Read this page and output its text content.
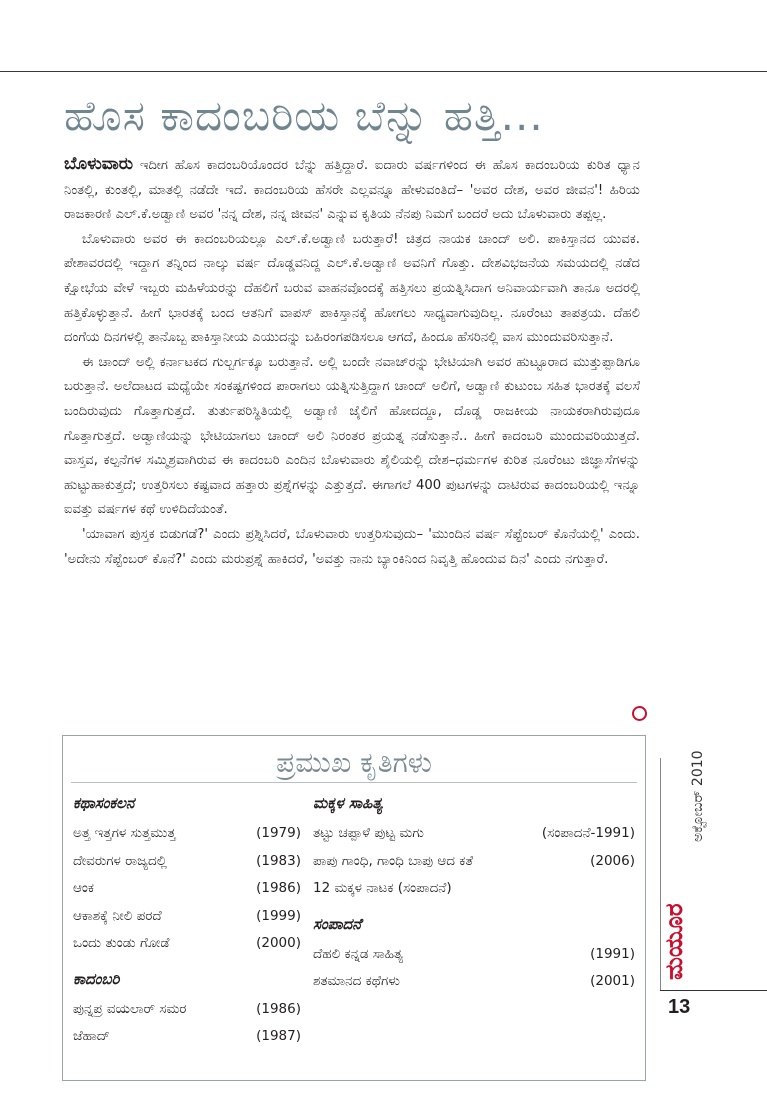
ಹೊಸ ಕಾದಂಬರಿಯ ಬೆನ್ನು ಹತ್ತಿ...

ಬೊಳುವಾರು ಇದೀಗ ಹೊಸ ಕಾದಂಬರಿಯೊಂದರ ಬೆನ್ನು ಹತ್ತಿದ್ದಾರೆ. ಐದಾರು ವರ್ಷಗಳಿಂದ ಈ ಹೊಸ ಕಾದಂಬರಿಯ ಕುರಿತ ಧ್ಯಾನ ನಿಂತಲ್ಲಿ, ಕುಂತಲ್ಲಿ, ಮಾತಲ್ಲಿ ನಡೆದೇ ಇದೆ. ಕಾದಂಬರಿಯ ಹೆಸರೇ ಎಲ್ಲವನ್ನೂ ಹೇಳುವಂತಿದೆ– 'ಅವರ ದೇಶ, ಅವರ ಜೀವನ'! ಹಿರಿಯ ರಾಜಕಾರಣಿ ಎಲ್.ಕೆ.ಅಡ್ವಾಣಿ ಅವರ 'ನನ್ನ ದೇಶ, ನನ್ನ ಜೀವನ' ಎನ್ನುವ ಕೃತಿಯ ನೆನಪು ನಿಮಗೆ ಬಂದರೆ ಅದು ಬೊಳುವಾರು ತಪ್ಪಲ್ಲ.

ಬೊಳುವಾರು ಅವರ ಈ ಕಾದಂಬರಿಯಲ್ಲೂ ಎಲ್.ಕೆ.ಅಡ್ವಾಣಿ ಬರುತ್ತಾರೆ! ಚಿತ್ರದ ನಾಯಕ ಚಾಂದ್ ಅಲಿ. ಪಾಕಿಸ್ತಾನದ ಯುವಕ. ಪೇಶಾವರದಲ್ಲಿ ಇದ್ದಾಗ ತನ್ನಿಂದ ನಾಲ್ಕು ವರ್ಷ ದೊಡ್ಡವನಿದ್ದ ಎಲ್.ಕೆ.ಅಡ್ವಾಣಿ ಅವನಿಗೆ ಗೊತ್ತು. ದೇಶವಿಭಜನೆಯ ಸಮಯದಲ್ಲಿ ನಡೆದ ಕ್ಷೋಭೆಯ ವೇಳೆ ಇಬ್ಬರು ಮಹಿಳೆಯರನ್ನು ದೆಹಲಿಗೆ ಬರುವ ವಾಹನವೊಂದಕ್ಕೆ ಹತ್ತಿಸಲು ಪ್ರಯತ್ನಿಸಿದಾಗ ಅನಿವಾರ್ಯವಾಗಿ ತಾನೂ ಅದರಲ್ಲಿ ಹತ್ತಿಕೊಳ್ಳುತ್ತಾನೆ. ಹೀಗೆ ಭಾರತಕ್ಕೆ ಬಂದ ಆತನಿಗೆ ವಾಪಸ್ ಪಾಕಿಸ್ತಾನಕ್ಕೆ ಹೋಗಲು ಸಾಧ್ಯವಾಗುವುದಿಲ್ಲ. ನೂರೆಂಟು ತಾಪತ್ರಯ. ದೆಹಲಿ ದಂಗೆಯ ದಿನಗಳಲ್ಲಿ ತಾನೊಬ್ಬ ಪಾಕಿಸ್ತಾನೀಯ ಎಯುದನ್ನು ಬಹಿರಂಗಪಡಿಸಲೂ ಆಗದೆ, ಹಿಂದೂ ಹೆಸರಿನಲ್ಲಿ ವಾಸ ಮುಂದುವರಿಸುತ್ತಾನೆ.

ಈ ಚಾಂದ್ ಅಲ್ಲಿ ಕರ್ನಾಟಕದ ಗುಲ್ಬರ್ಗಕ್ಕೂ ಬರುತ್ತಾನೆ. ಅಲ್ಲಿ ಬಂದೇ ನವಾಜ್‌ರನ್ನು ಭೇಟಿಯಾಗಿ ಅವರ ಹುಟ್ಟೂರಾದ ಮುತ್ತುಪ್ಪಾಡಿಗೂ ಬರುತ್ತಾನೆ. ಅಲೆದಾಟದ ಮಧ್ಯೆಯೇ ಸಂಕಷ್ಟಗಳಿಂದ ಪಾರಾಗಲು ಯತ್ನಿಸುತ್ತಿದ್ದಾಗ ಚಾಂದ್ ಅಲಿಗೆ, ಅಡ್ವಾಣಿ ಕುಟುಂಬ ಸಹಿತ ಭಾರತಕ್ಕೆ ವಲಸೆ ಬಂದಿರುವುದು ಗೊತ್ತಾಗುತ್ತದೆ. ತುರ್ತುಪರಿಸ್ಥಿತಿಯಲ್ಲಿ ಅಡ್ವಾಣಿ ಜೈಲಿಗೆ ಹೋದದ್ದೂ, ದೊಡ್ಡ ರಾಜಕೀಯ ನಾಯಕರಾಗಿರುವುದೂ ಗೊತ್ತಾಗುತ್ತದೆ. ಅಡ್ವಾಣಿಯನ್ನು ಭೇಟಿಯಾಗಲು ಚಾಂದ್ ಅಲಿ ನಿರಂತರ ಪ್ರಯತ್ನ ನಡೆಸುತ್ತಾನೆ.. ಹೀಗೆ ಕಾದಂಬರಿ ಮುಂದುವರಿಯುತ್ತದೆ. ವಾಸ್ತವ, ಕಲ್ಪನೆಗಳ ಸಮ್ಮಿಶ್ರವಾಗಿರುವ ಈ ಕಾದಂಬರಿ ಎಂದಿನ ಬೊಳುವಾರು ಶೈಲಿಯಲ್ಲಿ ದೇಶ–ಧರ್ಮಗಳ ಕುರಿತ ನೂರೆಂಟು ಜಿಜ್ಞಾಸೆಗಳನ್ನು ಹುಟ್ಟುಹಾಕುತ್ತದೆ; ಉತ್ತರಿಸಲು ಕಷ್ಟವಾದ ಹತ್ತಾರು ಪ್ರಶ್ನೆಗಳನ್ನು ಎತ್ತುತ್ತದೆ. ಈಗಾಗಲೆ 400 ಪುಟಗಳನ್ನು ದಾಟಿರುವ ಕಾದಂಬರಿಯಲ್ಲಿ ಇನ್ನೂ ಐವತ್ತು ವರ್ಷಗಳ ಕಥೆ ಉಳಿದಿದೆಯಂತೆ.

'ಯಾವಾಗ ಪುಸ್ತಕ ಬಿಡುಗಡೆ?' ಎಂದು ಪ್ರಶ್ನಿಸಿದರೆ, ಬೊಳುವಾರು ಉತ್ತರಿಸುವುದು– 'ಮುಂದಿನ ವರ್ಷ ಸೆಪ್ಟೆಂಬರ್ ಕೊನೆಯಲ್ಲಿ' ಎಂದು. 'ಅದೇನು ಸೆಪ್ಟೆಂಬರ್ ಕೊನೆ?' ಎಂದು ಮರುಪ್ರಶ್ನೆ ಹಾಕಿದರೆ, 'ಅವತ್ತು ನಾನು ಬ್ಯಾಂಕಿನಿಂದ ನಿವೃತ್ತಿ ಹೊಂದುವ ದಿನ' ಎಂದು ನಗುತ್ತಾರೆ.

ಪ್ರಮುಖ ಕೃತಿಗಳು
ಕಥಾಸಂಕಲನ
ಅತ್ತ ಇತ್ತಗಳ ಸುತ್ತಮುತ್ತ	(1979)
ದೇವರುಗಳ ರಾಜ್ಯದಲ್ಲಿ	(1983)
ಆಂಕ	(1986)
ಆಕಾಶಕ್ಕೆ ನೀಲಿ ಪರದೆ	(1999)
ಒಂದು ತುಂಡು ಗೋಡೆ	(2000)
ಕಾದಂಬರಿ
ಪುನ್ನಪ್ರ ವಯಲಾರ್ ಸಮರ	(1986)
ಜೆಹಾದ್	(1987)
ಮಕ್ಕಳ ಸಾಹಿತ್ಯ
ತಟ್ಟು ಚಪ್ಪಾಳೆ ಪುಟ್ಟ ಮಗು	(ಸಂಪಾದನೆ-1991)
ಪಾಪು ಗಾಂಧಿ, ಗಾಂಧಿ ಬಾಪು ಆದ ಕತೆ	(2006)
12 ಮಕ್ಕಳ ನಾಟಕ (ಸಂಪಾದನೆ)
ಸಂಪಾದನೆ
ದೆಹಲಿ ಕನ್ನಡ ಸಾಹಿತ್ಯ	(1991)
ಶತಮಾನದ ಕಥೆಗಳು	(2001)
ಅಕ್ಟೋಬರ್ 2010
ಮಯೂರ
13
